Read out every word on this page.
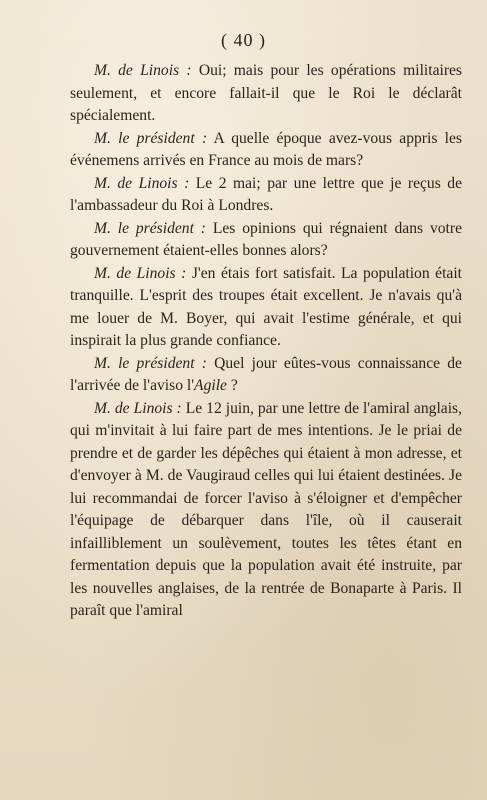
( 40 )

M. de Linois : Oui; mais pour les opérations militaires seulement, et encore fallait-il que le Roi le déclarât spécialement.

M. le président : A quelle époque avez-vous appris les événemens arrivés en France au mois de mars?

M. de Linois : Le 2 mai; par une lettre que je reçus de l'ambassadeur du Roi à Londres.

M. le président : Les opinions qui régnaient dans votre gouvernement étaient-elles bonnes alors?

M. de Linois : J'en étais fort satisfait. La population était tranquille. L'esprit des troupes était excellent. Je n'avais qu'à me louer de M. Boyer, qui avait l'estime générale, et qui inspirait la plus grande confiance.

M. le président : Quel jour eûtes-vous connaissance de l'arrivée de l'aviso l'Agile ?

M. de Linois : Le 12 juin, par une lettre de l'amiral anglais, qui m'invitait à lui faire part de mes intentions. Je le priai de prendre et de garder les dépêches qui étaient à mon adresse, et d'envoyer à M. de Vaugiraud celles qui lui étaient destinées. Je lui recommandai de forcer l'aviso à s'éloigner et d'empêcher l'équipage de débarquer dans l'île, où il causerait infailliblement un soulèvement, toutes les têtes étant en fermentation depuis que la population avait été instruite, par les nouvelles anglaises, de la rentrée de Bonaparte à Paris. Il paraît que l'amiral
